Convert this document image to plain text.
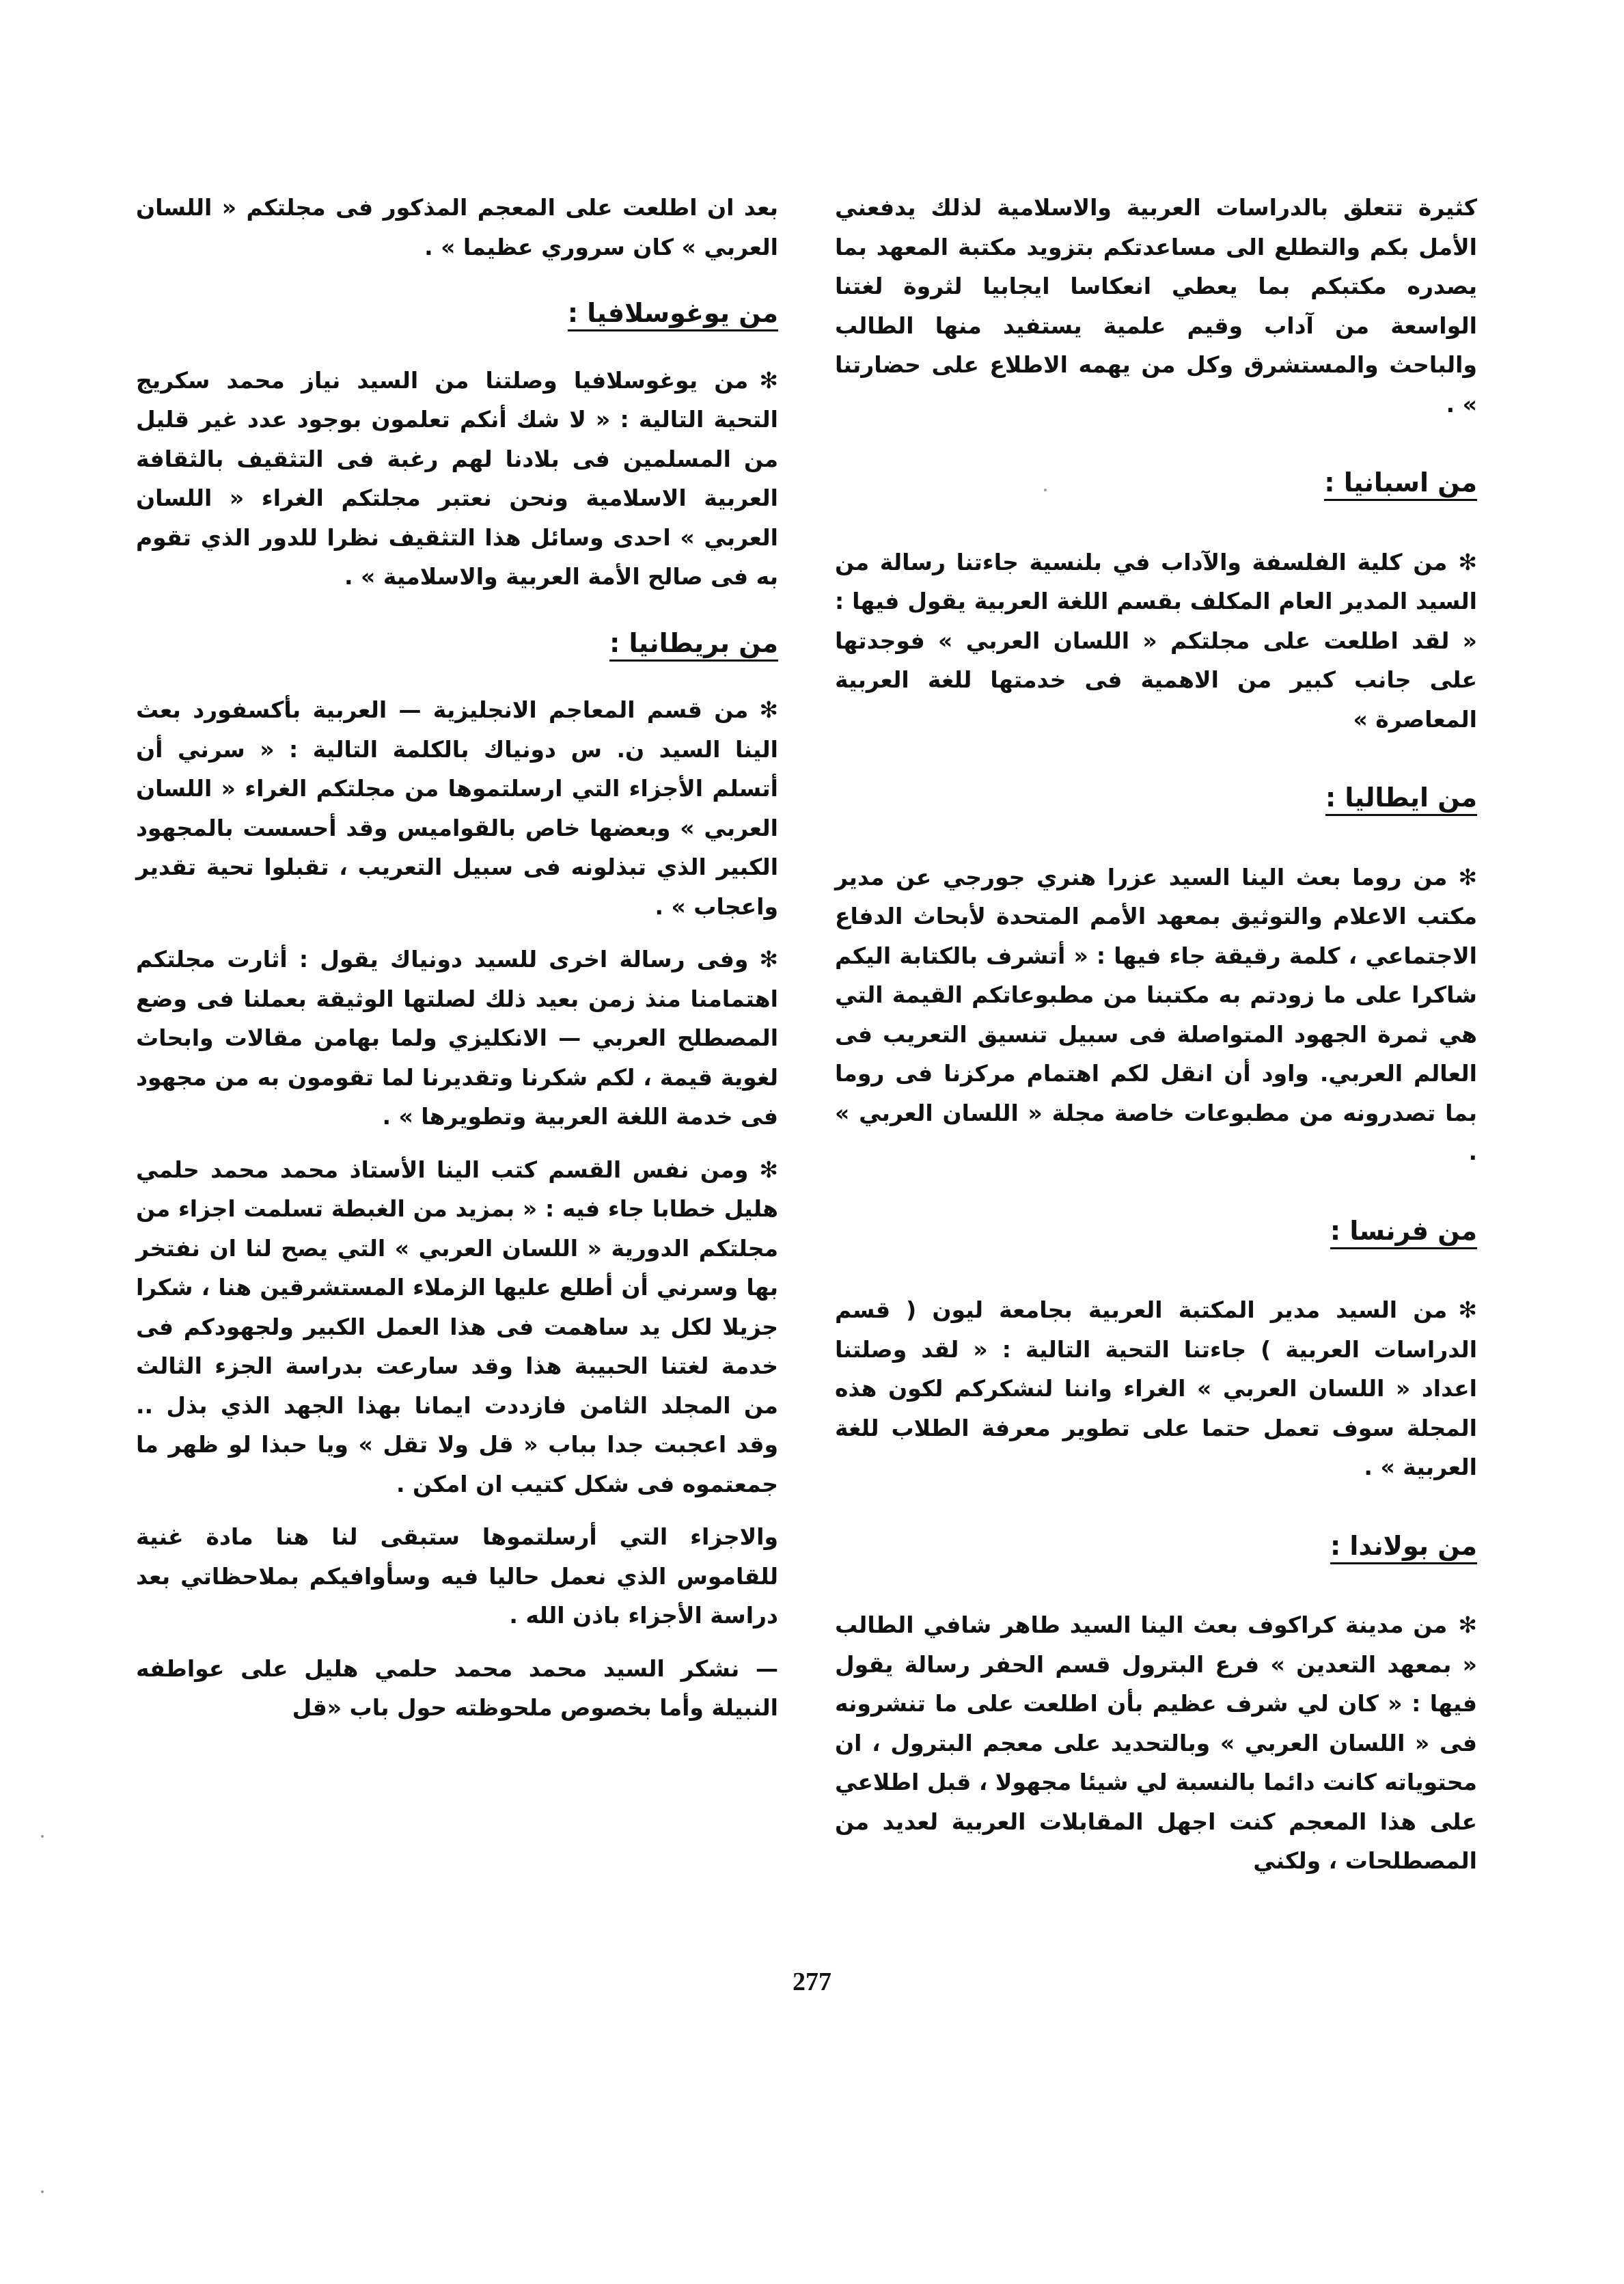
كثيرة تتعلق بالدراسات العربية والاسلامية لذلك يدفعني الأمل بكم والتطلع الى مساعدتكم بتزويد مكتبة المعهد بما يصدره مكتبكم بما يعطي انعكاسا ايجابيا لثروة لغتنا الواسعة من آداب وقيم علمية يستفيد منها الطالب والباحث والمستشرق وكل من يهمه الاطلاع على حضارتنا » .

من اسبانيا :

✻من كلية الفلسفة والآداب في بلنسية جاءتنا رسالة من السيد المدير العام المكلف بقسم اللغة العربية يقول فيها : « لقد اطلعت على مجلتكم « اللسان العربي » فوجدتها على جانب كبير من الاهمية فى خدمتها للغة العربية المعاصرة »

من ايطاليا :

✻من روما بعث الينا السيد عزرا هنري جورجي عن مدير مكتب الاعلام والتوثيق بمعهد الأمم المتحدة لأبحاث الدفاع الاجتماعي ، كلمة رقيقة جاء فيها : « أتشرف بالكتابة اليكم شاكرا على ما زودتم به مكتبنا من مطبوعاتكم القيمة التي هي ثمرة الجهود المتواصلة فى سبيل تنسيق التعريب فى العالم العربي. واود أن انقل لكم اهتمام مركزنا فى روما بما تصدرونه من مطبوعات خاصة مجلة « اللسان العربي » .

من فرنسا :

✻من السيد مدير المكتبة العربية بجامعة ليون ( قسم الدراسات العربية ) جاءتنا التحية التالية : « لقد وصلتنا اعداد « اللسان العربي » الغراء واننا لنشكركم لكون هذه المجلة سوف تعمل حتما على تطوير معرفة الطلاب للغة العربية » .

من بولاندا :

✻من مدينة كراكوف بعث الينا السيد طاهر شافي الطالب « بمعهد التعدين » فرع البترول قسم الحفر رسالة يقول فيها : « كان لي شرف عظيم بأن اطلعت على ما تنشرونه فى « اللسان العربي » وبالتحديد على معجم البترول ، ان محتوياته كانت دائما بالنسبة لي شيئا مجهولا ، قبل اطلاعي على هذا المعجم كنت اجهل المقابلات العربية لعديد من المصطلحات ، ولكني

بعد ان اطلعت على المعجم المذكور فى مجلتكم « اللسان العربي » كان سروري عظيما » .

من يوغوسلافيا :

✻من يوغوسلافيا وصلتنا من السيد نياز محمد سكريج التحية التالية : « لا شك أنكم تعلمون بوجود عدد غير قليل من المسلمين فى بلادنا لهم رغبة فى التثقيف بالثقافة العربية الاسلامية ونحن نعتبر مجلتكم الغراء « اللسان العربي » احدى وسائل هذا التثقيف نظرا للدور الذي تقوم به فى صالح الأمة العربية والاسلامية » .

من بريطانيا :

✻من قسم المعاجم الانجليزية — العربية بأكسفورد بعث الينا السيد ن. س دونياك بالكلمة التالية : « سرني أن أتسلم الأجزاء التي ارسلتموها من مجلتكم الغراء « اللسان العربي » وبعضها خاص بالقواميس وقد أحسست بالمجهود الكبير الذي تبذلونه فى سبيل التعريب ، تقبلوا تحية تقدير واعجاب » .

✻وفى رسالة اخرى للسيد دونياك يقول : أثارت مجلتكم اهتمامنا منذ زمن بعيد ذلك لصلتها الوثيقة بعملنا فى وضع المصطلح العربي — الانكليزي ولما بهامن مقالات وابحاث لغوية قيمة ، لكم شكرنا وتقديرنا لما تقومون به من مجهود فى خدمة اللغة العربية وتطويرها » .

✻ومن نفس القسم كتب الينا الأستاذ محمد محمد حلمي هليل خطابا جاء فيه : « بمزيد من الغبطة تسلمت اجزاء من مجلتكم الدورية « اللسان العربي » التي يصح لنا ان نفتخر بها وسرني أن أطلع عليها الزملاء المستشرقين هنا ، شكرا جزيلا لكل يد ساهمت فى هذا العمل الكبير ولجهودكم فى خدمة لغتنا الحبيبة هذا وقد سارعت بدراسة الجزء الثالث من المجلد الثامن فازددت ايمانا بهذا الجهد الذي بذل .. وقد اعجبت جدا بباب « قل ولا تقل » ويا حبذا لو ظهر ما جمعتموه فى شكل كتيب ان امكن .

والاجزاء التي أرسلتموها ستبقى لنا هنا مادة غنية للقاموس الذي نعمل حاليا فيه وسأوافيكم بملاحظاتي بعد دراسة الأجزاء باذن الله .

— نشكر السيد محمد محمد حلمي هليل على عواطفه النبيلة وأما بخصوص ملحوظته حول باب «قل

277
